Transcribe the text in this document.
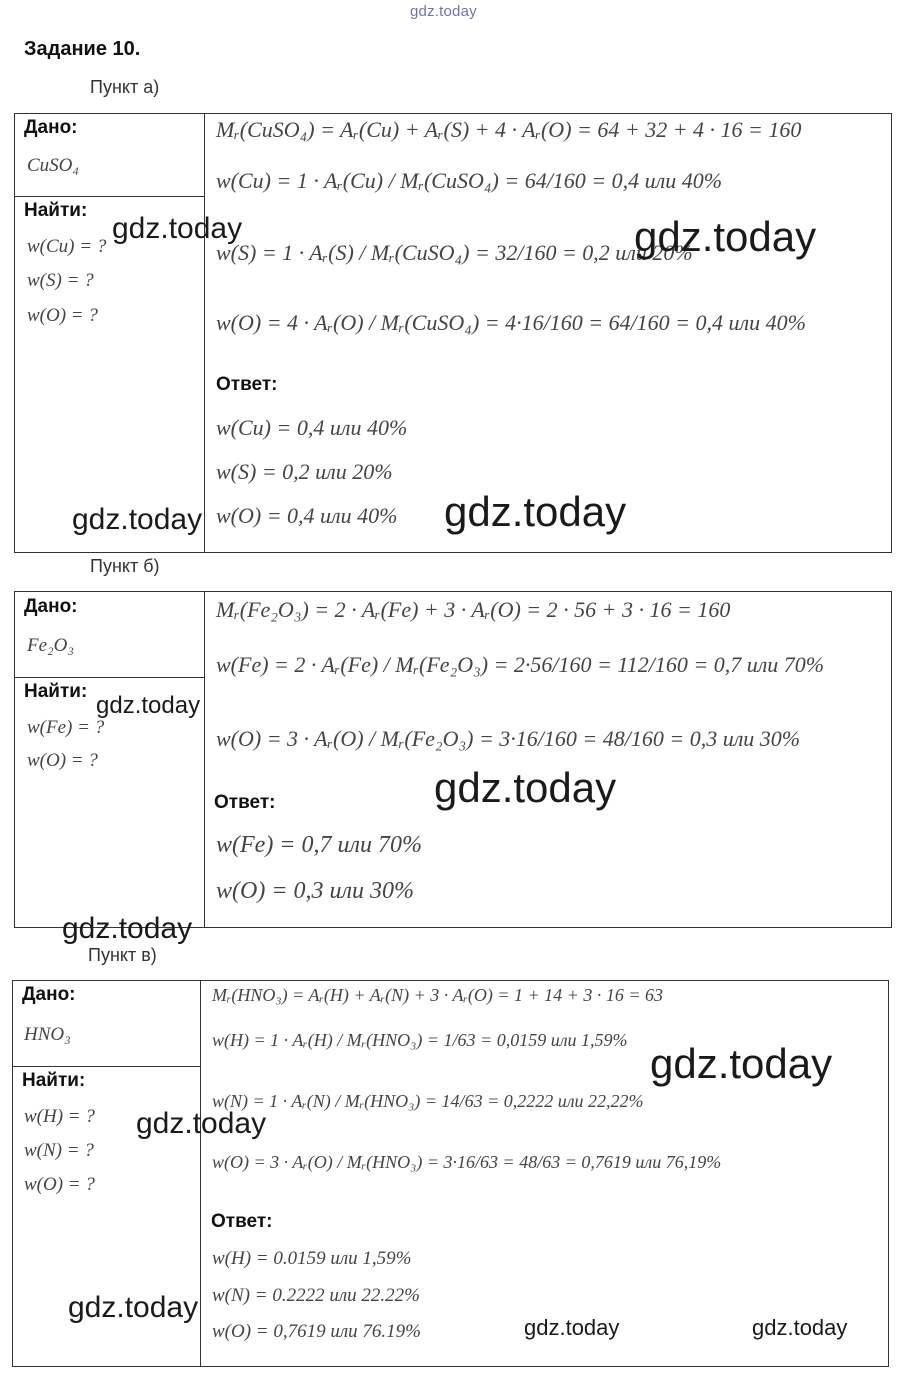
gdz.today
Задание 10.
Пункт а)
Дано:
CuSO₄
Найти:
w(Cu) = ?
w(S) = ?
w(O) = ?
Mᵣ(CuSO₄) = Aᵣ(Cu) + Aᵣ(S) + 4 · Aᵣ(O) = 64 + 32 + 4 · 16 = 160
w(Cu) = 1 · Aᵣ(Cu) / Mᵣ(CuSO₄) = 64/160 = 0,4 или 40%
w(S) = 1 · Aᵣ(S) / Mᵣ(CuSO₄) = 32/160 = 0,2 или 20%
w(O) = 4 · Aᵣ(O) / Mᵣ(CuSO₄) = 4·16/160 = 64/160 = 0,4 или 40%
Ответ:
w(Cu) = 0,4 или 40%
w(S) = 0,2 или 20%
w(O) = 0,4 или 40%
Пункт б)
Дано:
Fe₂O₃
Найти:
w(Fe) = ?
w(O) = ?
Mᵣ(Fe₂O₃) = 2 · Aᵣ(Fe) + 3 · Aᵣ(O) = 2 · 56 + 3 · 16 = 160
w(Fe) = 2 · Aᵣ(Fe) / Mᵣ(Fe₂O₃) = 2·56/160 = 112/160 = 0,7 или 70%
w(O) = 3 · Aᵣ(O) / Mᵣ(Fe₂O₃) = 3·16/160 = 48/160 = 0,3 или 30%
Ответ:
w(Fe) = 0,7 или 70%
w(O) = 0,3 или 30%
Пункт в)
Дано:
HNO₃
Найти:
w(H) = ?
w(N) = ?
w(O) = ?
Mᵣ(HNO₃) = Aᵣ(H) + Aᵣ(N) + 3 · Aᵣ(O) = 1 + 14 + 3 · 16 = 63
w(H) = 1 · Aᵣ(H) / Mᵣ(HNO₃) = 1/63 = 0,0159 или 1,59%
w(N) = 1 · Aᵣ(N) / Mᵣ(HNO₃) = 14/63 = 0,2222 или 22,22%
w(O) = 3 · Aᵣ(O) / Mᵣ(HNO₃) = 3·16/63 = 48/63 = 0,7619 или 76,19%
Ответ:
w(H) = 0.0159 или 1,59%
w(N) = 0.2222 или 22.22%
w(O) = 0,7619 или 76.19%
gdz.today	gdz.today
gdz.today	gdz.today
gdz.today
gdz.today
gdz.today
gdz.today
gdz.today
gdz.today
gdz.today	gdz.today
